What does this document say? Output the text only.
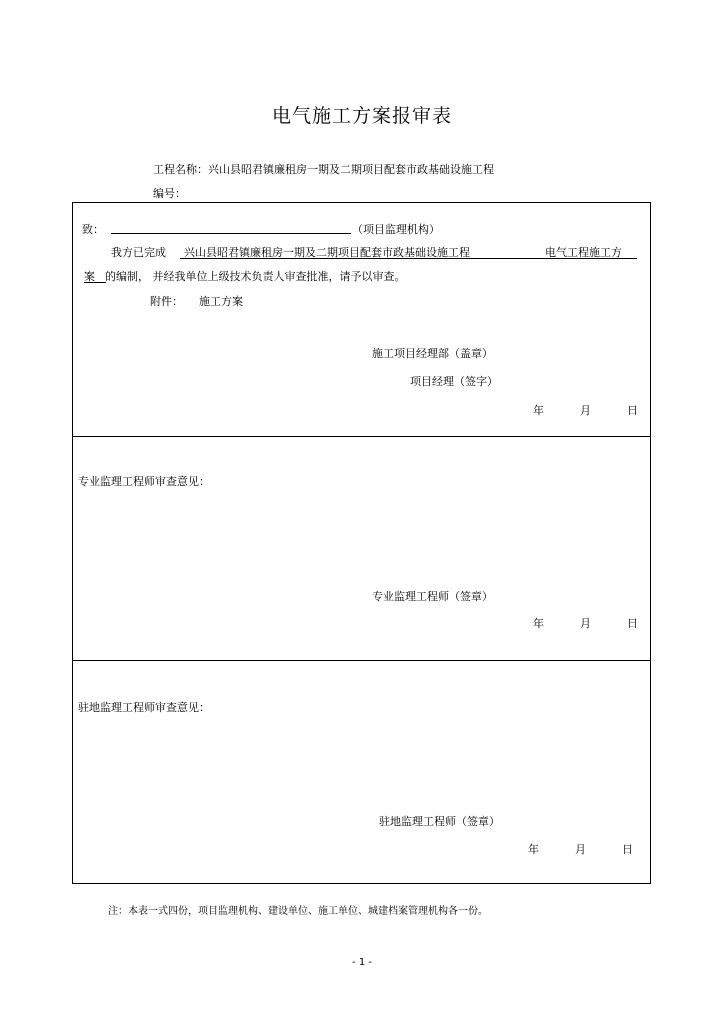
电气施工方案报审表
工程名称：兴山县昭君镇廉租房一期及二期项目配套市政基础设施工程
编号：
致：	（项目监理机构）
我方已完成 兴山县昭君镇廉租房一期及二期项目配套市政基础设施工程	电气工程施工方
案 的编制， 并经我单位上级技术负责人审查批准，请予以审查。
附件： 施工方案
施工项目经理部（盖章）
项目经理（签字）
年	月	日
专业监理工程师审查意见：
专业监理工程师（签章）
年	月	日
驻地监理工程师审查意见：
驻地监理工程师（签章）
年	月	日
注：本表一式四份，项目监理机构、建设单位、施工单位、城建档案管理机构各一份。
- 1 -
